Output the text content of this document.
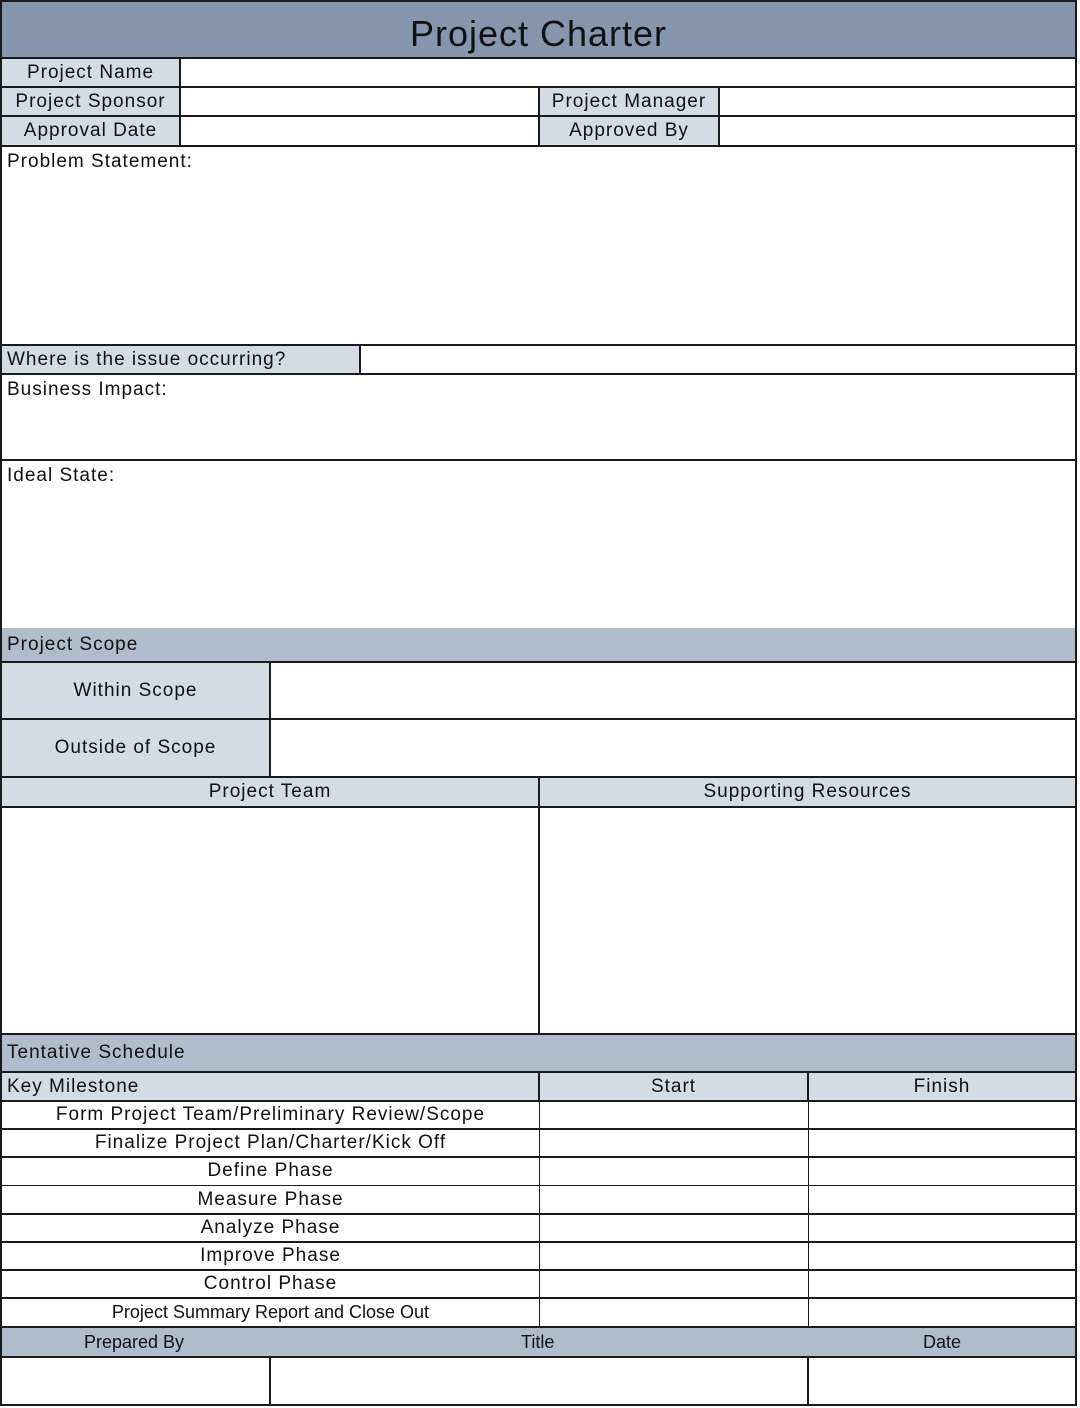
Project Charter
Project Name
Project Sponsor	Project Manager
Approval Date	Approved By
Problem Statement:
Where is the issue occurring?
Business Impact:
Ideal State:
Project Scope
Within Scope
Outside of Scope
Project Team	Supporting Resources
Tentative Schedule
Key Milestone	Start	Finish
Form Project Team/Preliminary Review/Scope
Finalize Project Plan/Charter/Kick Off
Define Phase
Measure Phase
Analyze Phase
Improve Phase
Control Phase
Project Summary Report and Close Out
Prepared By	Title	Date
